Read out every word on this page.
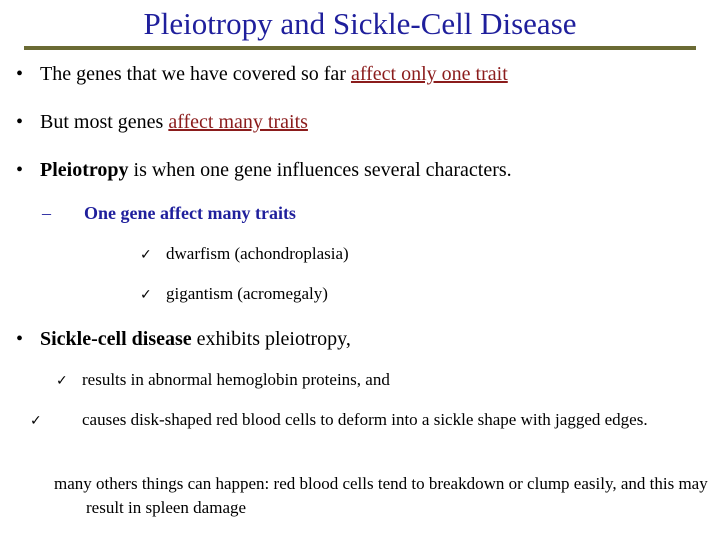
Pleiotropy and Sickle-Cell Disease
• The genes that we have covered so far affect only one trait
• But most genes affect many traits
• Pleiotropy is when one gene influences several characters.
– One gene affect many traits
✓ dwarfism (achondroplasia)
✓ gigantism (acromegaly)
• Sickle-cell disease exhibits pleiotropy,
✓ results in abnormal hemoglobin proteins, and
✓ causes disk-shaped red blood cells to deform into a sickle shape with jagged edges.
many others things can happen: red blood cells tend to breakdown or clump easily, and this may result in spleen damage
